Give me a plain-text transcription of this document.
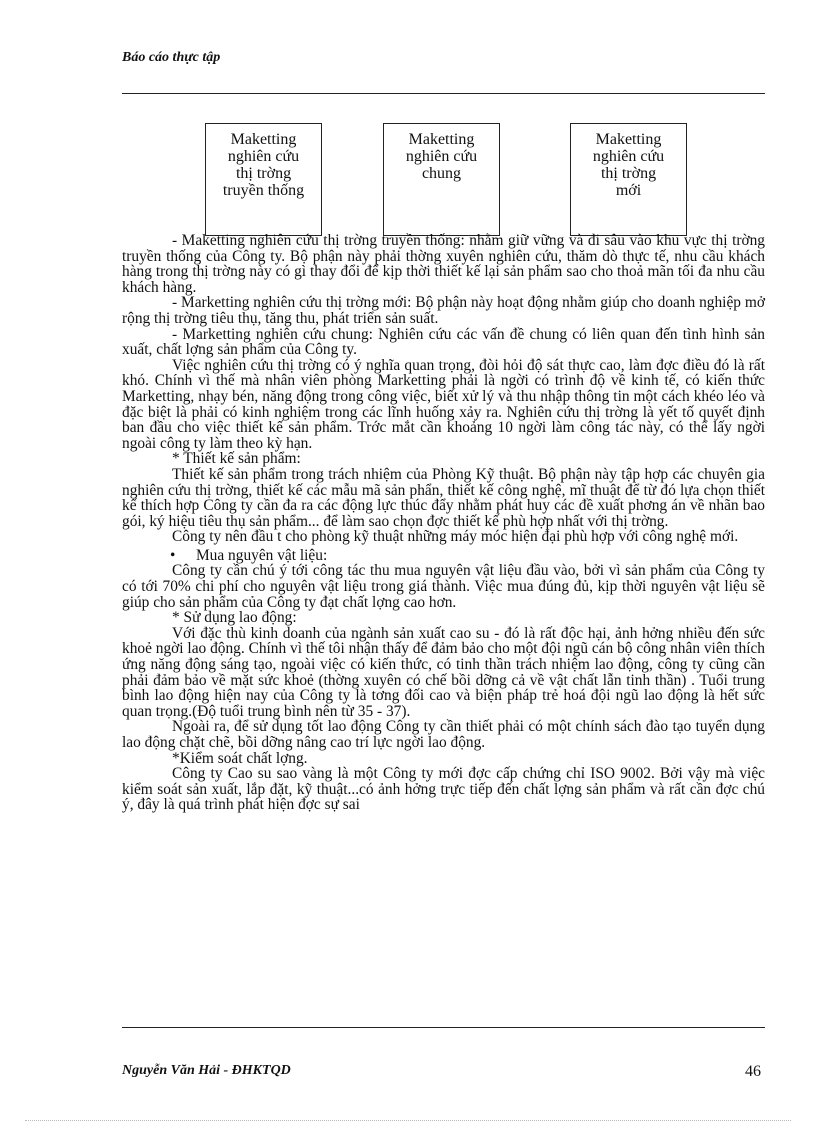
Báo cáo thực tập
Maketting
nghiên cứu
thị trờng
truyền thống
Maketting
nghiên cứu
chung
Maketting
nghiên cứu
thị trờng
mới

- Maketting nghiên cứu thị trờng truyền thống: nhằm giữ vững và đi sâu vào khu vực thị trờng truyền thống của Công ty. Bộ phận này phải thờng xuyên nghiên cứu, thăm dò thực tế, nhu cầu khách hàng trong thị trờng này có gì thay đổi để kịp thời thiết kế lại sản phẩm sao cho thoả mãn tối đa nhu cầu khách hàng.

- Marketting nghiên cứu thị trờng mới: Bộ phận này hoạt động nhằm giúp cho doanh nghiệp mở rộng thị trờng tiêu thụ, tăng thu, phát triển sản suất.

- Marketting nghiên cứu chung: Nghiên cứu các vấn đề chung có liên quan đến tình hình sản xuất, chất lợng sản phẩm của Công ty.

Việc nghiên cứu thị trờng có ý nghĩa quan trọng, đòi hỏi độ sát thực cao, làm đợc điều đó là rất khó. Chính vì thế mà nhân viên phòng Marketting phải là ngời có trình độ về kinh tế, có kiến thức Marketting, nhạy bén, năng động trong công việc, biết xử lý và thu nhập thông tin một cách khéo léo và đặc biệt là phải có kinh nghiệm trong các lĩnh huống xảy ra. Nghiên cứu thị trờng là yết tố quyết định ban đầu cho việc thiết kế sản phẩm. Trớc mắt cần khoảng 10 ngời làm công tác này, có thể lấy ngời ngoài công ty làm theo kỳ hạn.

* Thiết kế sản phẩm:

Thiết kế sản phẩm trong trách nhiệm của Phòng Kỹ thuật. Bộ phận này tập hợp các chuyên gia nghiên cứu thị trờng, thiết kế các mẫu mã sản phẩn, thiết kế công nghệ, mĩ thuật để từ đó lựa chọn thiết kế thích hợp Công ty cần đa ra các động lực thúc đẩy nhằm phát huy các đề xuất phơng án về nhãn bao gói, ký hiệu tiêu thụ sản phẩm... để làm sao chọn đợc thiết kế phù hợp nhất với thị trờng.

Công ty nên đầu t cho phòng kỹ thuật những máy móc hiện đại phù hợp với công nghệ mới.

• Mua nguyên vật liệu:

Công ty cần chú ý tới công tác thu mua nguyên vật liệu đầu vào, bởi vì sản phẩm của Công ty có tới 70% chi phí cho nguyên vật liệu trong giá thành. Việc mua đúng đủ, kịp thời nguyên vật liệu sẽ giúp cho sản phẩm của Công ty đạt chất lợng cao hơn.

* Sử dụng lao động:

Với đặc thù kinh doanh của ngành sản xuất cao su - đó là rất độc hại, ảnh hởng nhiều đến sức khoẻ ngời lao động. Chính vì thế tôi nhận thấy để đảm bảo cho một đội ngũ cán bộ công nhân viên thích ứng năng động sáng tạo, ngoài việc có kiến thức, có tinh thần trách nhiệm lao động, công ty cũng cần phải đảm bảo về mặt sức khoẻ (thờng xuyên có chế bồi dỡng cả về vật chất lẫn tinh thần) . Tuổi trung bình lao động hiện nay của Công ty là tơng đối cao và biện pháp trẻ hoá đội ngũ lao động là hết sức quan trọng.(Độ tuổi trung bình nên từ 35 - 37).

Ngoài ra, để sử dụng tốt lao động Công ty cần thiết phải có một chính sách đào tạo tuyển dụng lao động chặt chẽ, bồi dỡng nâng cao trí lực ngời lao động.

*Kiểm soát chất lợng.

Công ty Cao su sao vàng là một Công ty mới đợc cấp chứng chỉ ISO 9002. Bởi vậy mà việc kiểm soát sản xuất, lắp đặt, kỹ thuật...có ảnh hởng trực tiếp đến chất lợng sản phẩm và rất cần đợc chú ý, đây là quá trình phát hiện đợc sự sai

Nguyễn Văn Hải - ĐHKTQD	46
